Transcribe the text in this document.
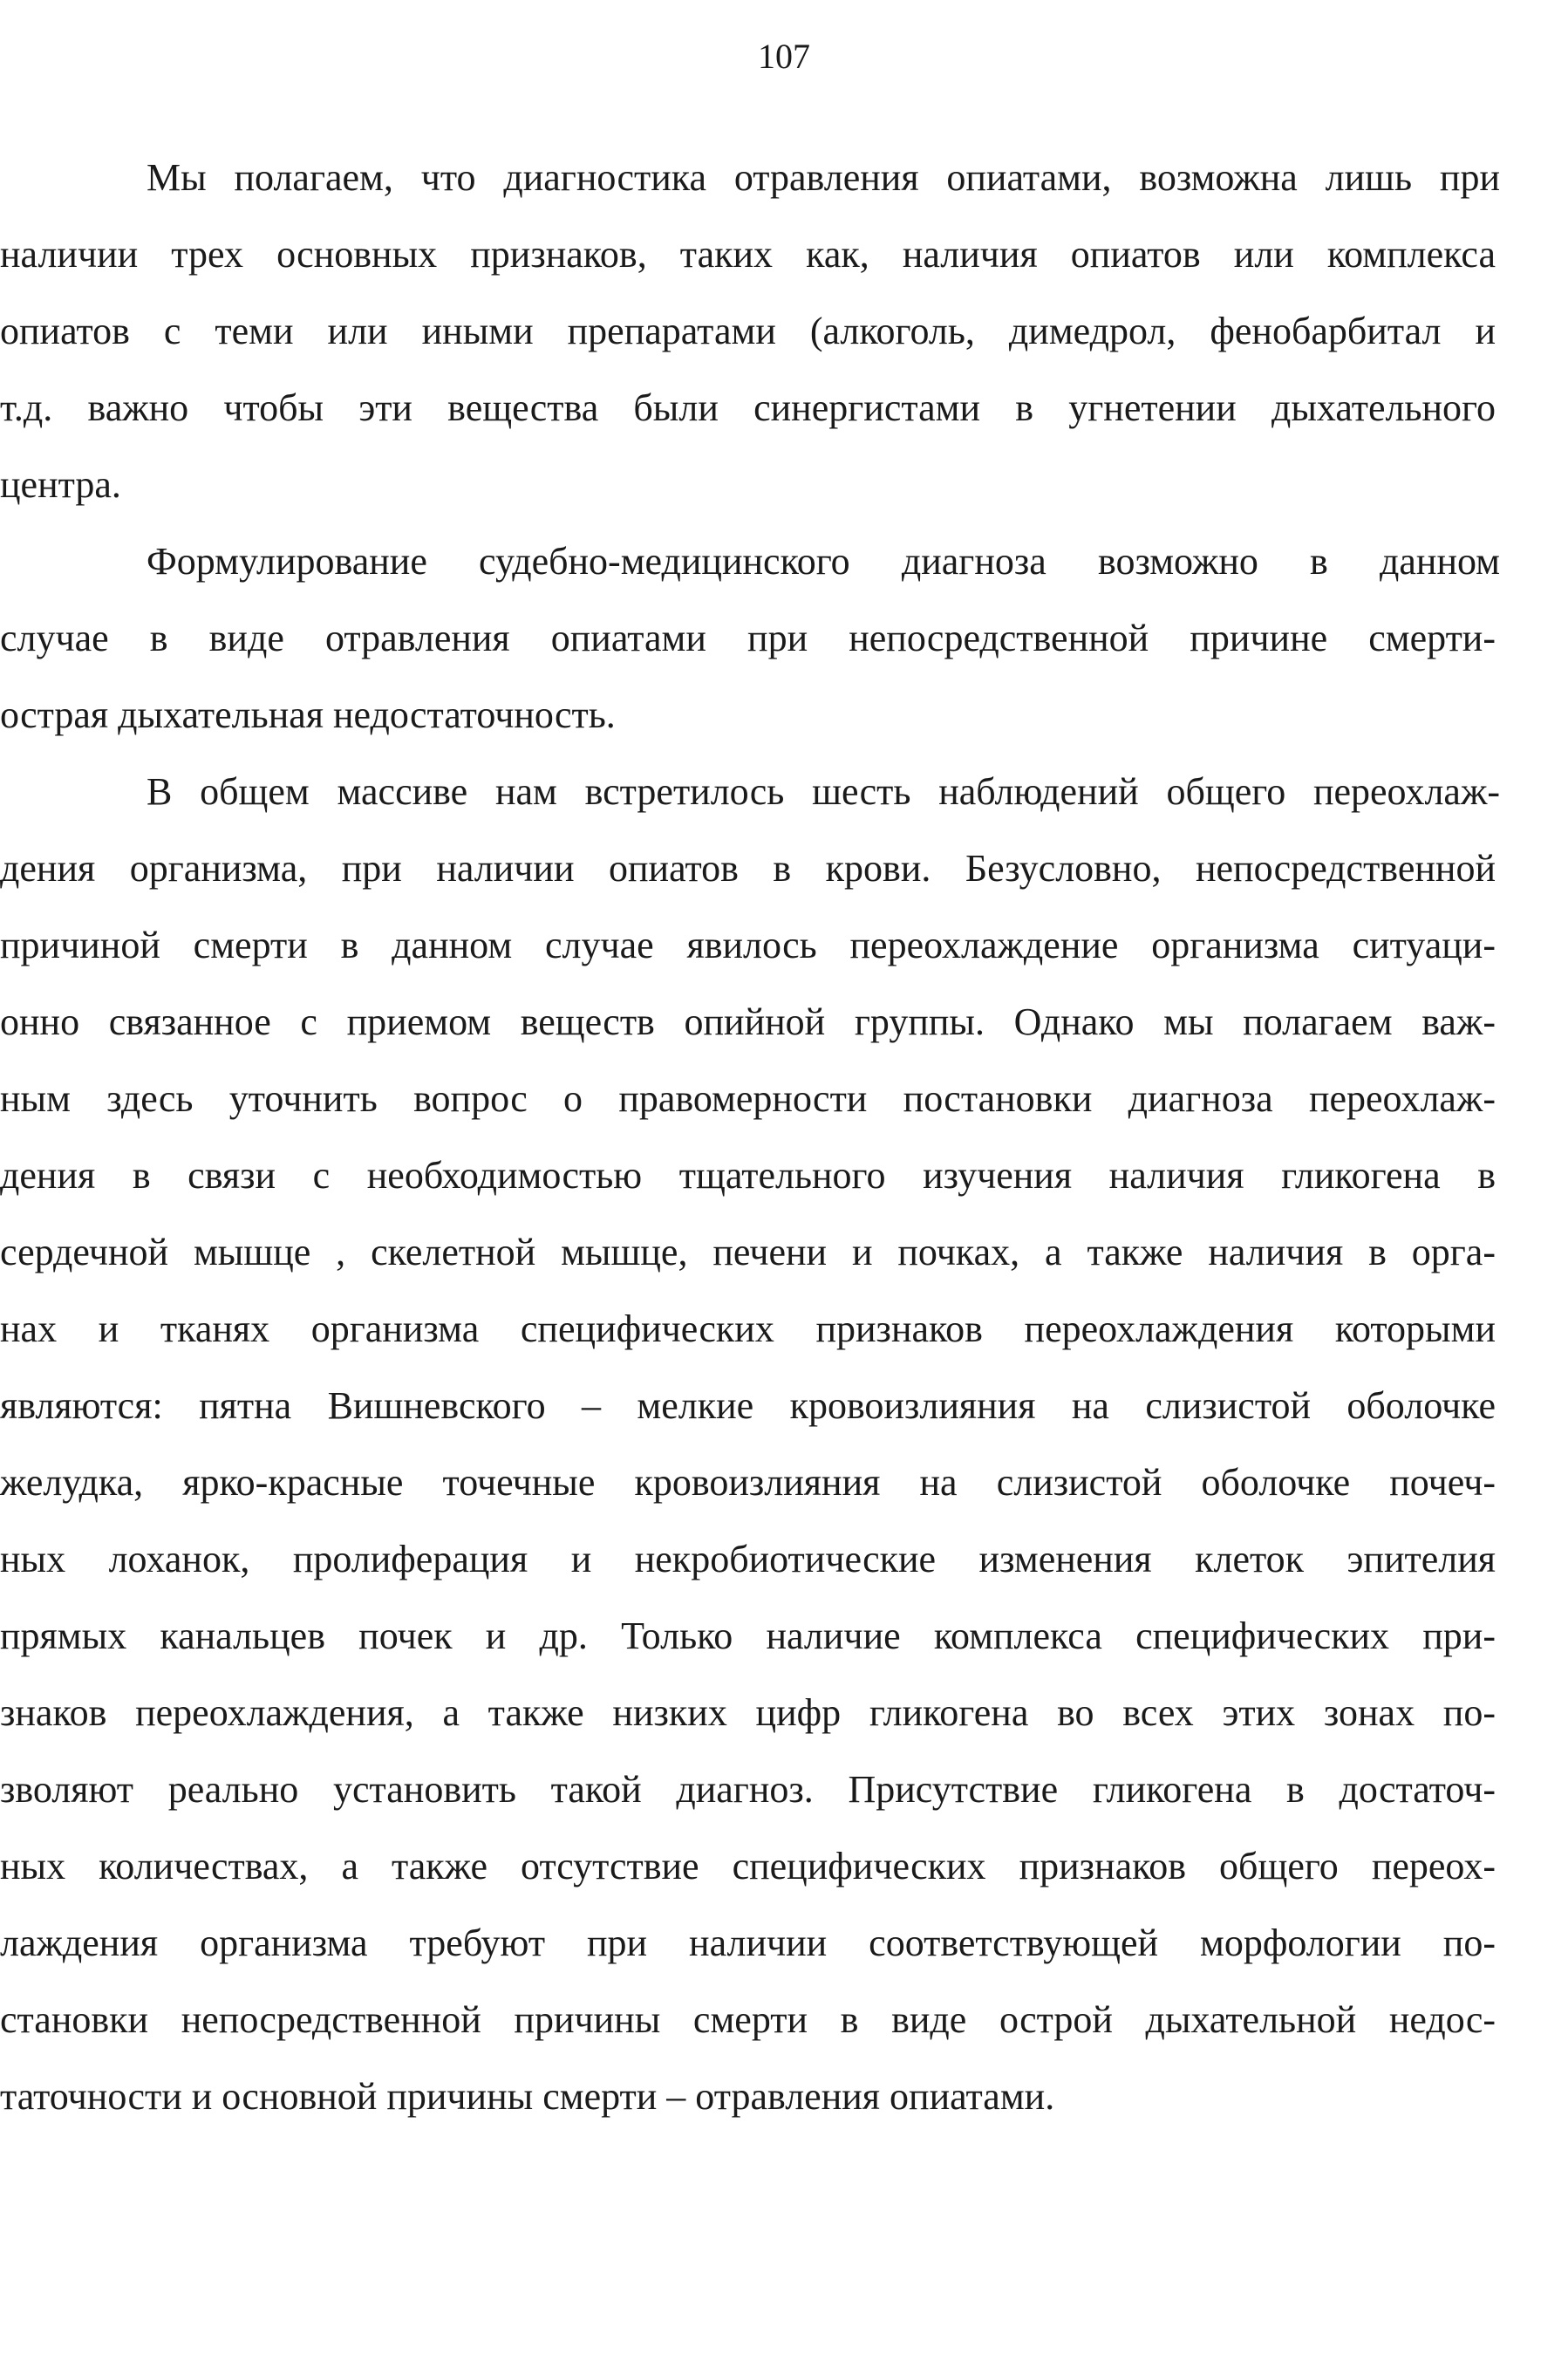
107

Мы полагаем, что диагностика отравления опиатами, возможна лишь при
наличии трех основных признаков, таких как, наличия опиатов или комплекса
опиатов с теми или иными препаратами (алкоголь, димедрол, фенобарбитал и
т.д. важно чтобы эти вещества были синергистами в угнетении дыхательного
центра.

Формулирование судебно-медицинского диагноза возможно в данном
случае в виде отравления опиатами при непосредственной причине смерти-
острая дыхательная недостаточность.

В общем массиве нам встретилось шесть наблюдений общего переохлаж-
дения организма, при наличии опиатов в крови. Безусловно, непосредственной
причиной смерти в данном случае явилось переохлаждение организма ситуаци-
онно связанное с приемом веществ опийной группы. Однако мы полагаем важ-
ным здесь уточнить вопрос о правомерности постановки диагноза переохлаж-
дения в связи с необходимостью тщательного изучения наличия гликогена в
сердечной мышце , скелетной мышце, печени и почках, а также наличия в орга-
нах и тканях организма специфических признаков переохлаждения которыми
являются: пятна Вишневского – мелкие кровоизлияния на слизистой оболочке
желудка, ярко-красные точечные кровоизлияния на слизистой оболочке почеч-
ных лоханок, пролиферация и некробиотические изменения клеток эпителия
прямых канальцев почек и др. Только наличие комплекса специфических при-
знаков переохлаждения, а также низких цифр гликогена во всех этих зонах по-
зволяют реально установить такой диагноз. Присутствие гликогена в достаточ-
ных количествах, а также отсутствие специфических признаков общего переох-
лаждения организма требуют при наличии соответствующей морфологии по-
становки непосредственной причины смерти в виде острой дыхательной недос-
таточности и основной причины смерти – отравления опиатами.
